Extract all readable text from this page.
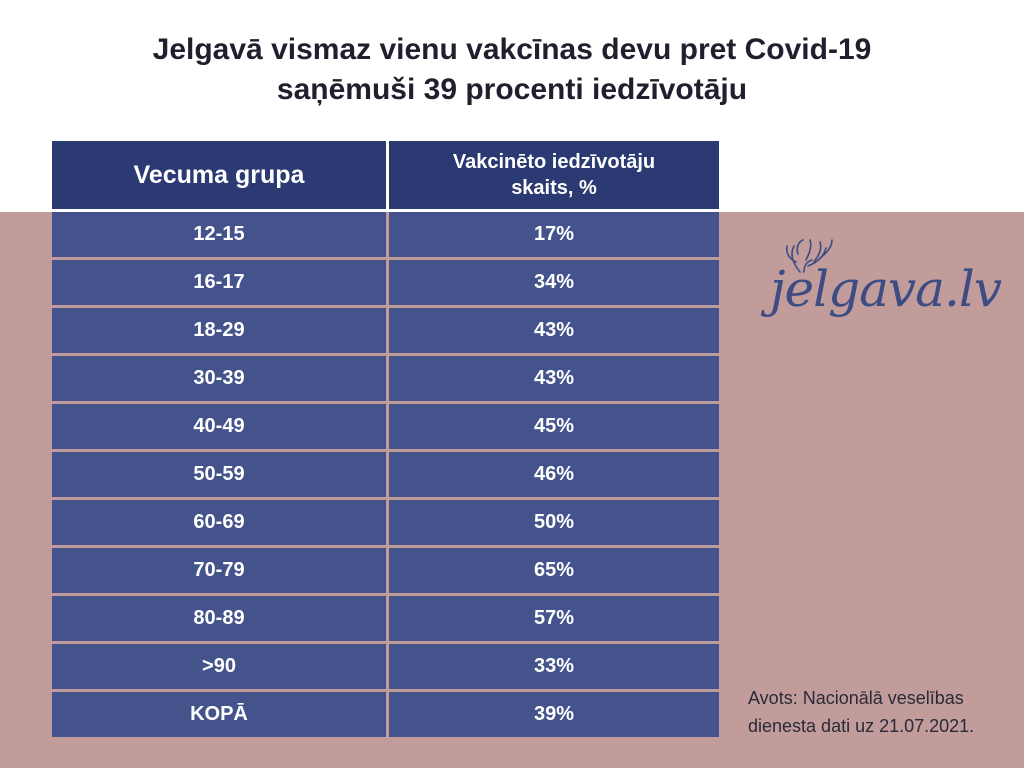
Jelgavā vismaz vienu vakcīnas devu pret Covid-19
saņēmuši 39 procenti iedzīvotāju
Vecuma grupa	Vakcinēto iedzīvotāju
skaits, %
12-15	17%
16-17	34%
18-29	43%
30-39	43%
40-49	45%
50-59	46%
60-69	50%
70-79	65%
80-89	57%
>90	33%
KOPĀ	39%
jelgava.lv
Avots: Nacionālā veselības
dienesta dati uz 21.07.2021.
